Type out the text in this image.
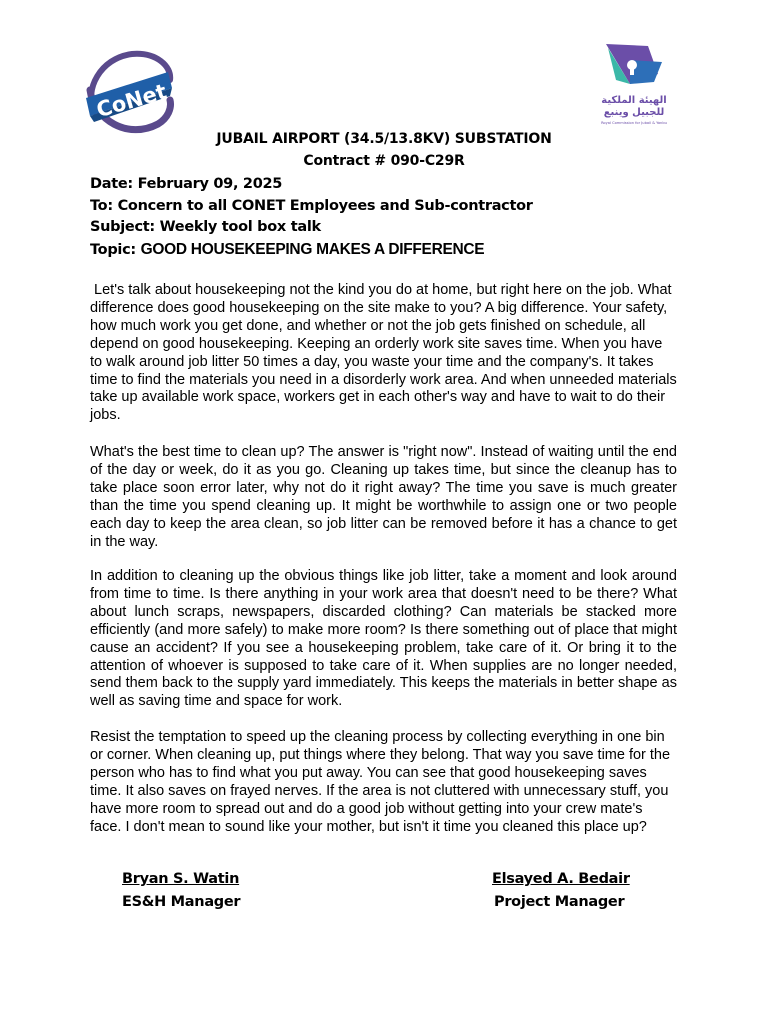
CoNet	الهيئة الملكية
للجبيل وينبع
Royal Commission for Jubail & Yanbu
JUBAIL AIRPORT (34.5/13.8KV) SUBSTATION
Contract # 090-C29R
Date: February 09, 2025
To: Concern to all CONET Employees and Sub-contractor
Subject: Weekly tool box talk
Topic: GOOD HOUSEKEEPING MAKES A DIFFERENCE
Let's talk about housekeeping not the kind you do at home, but right here on the job. What difference does good housekeeping on the site make to you? A big difference. Your safety, how much work you get done, and whether or not the job gets finished on schedule, all depend on good housekeeping. Keeping an orderly work site saves time. When you have to walk around job litter 50 times a day, you waste your time and the company's. It takes time to find the materials you need in a disorderly work area. And when unneeded materials take up available work space, workers get in each other's way and have to wait to do their jobs.
What's the best time to clean up? The answer is "right now". Instead of waiting until the end of the day or week, do it as you go. Cleaning up takes time, but since the cleanup has to take place soon error later, why not do it right away? The time you save is much greater than the time you spend cleaning up. It might be worthwhile to assign one or two people each day to keep the area clean, so job litter can be removed before it has a chance to get in the way.
In addition to cleaning up the obvious things like job litter, take a moment and look around from time to time. Is there anything in your work area that doesn't need to be there? What about lunch scraps, newspapers, discarded clothing? Can materials be stacked more efficiently (and more safely) to make more room? Is there something out of place that might cause an accident? If you see a housekeeping problem, take care of it. Or bring it to the attention of whoever is supposed to take care of it. When supplies are no longer needed, send them back to the supply yard immediately. This keeps the materials in better shape as well as saving time and space for work.
Resist the temptation to speed up the cleaning process by collecting everything in one bin or corner. When cleaning up, put things where they belong. That way you save time for the person who has to find what you put away. You can see that good housekeeping saves time. It also saves on frayed nerves. If the area is not cluttered with unnecessary stuff, you have more room to spread out and do a good job without getting into your crew mate's face. I don't mean to sound like your mother, but isn't it time you cleaned this place up?
Bryan S. Watin
ES&H Manager
Elsayed A. Bedair
Project Manager
